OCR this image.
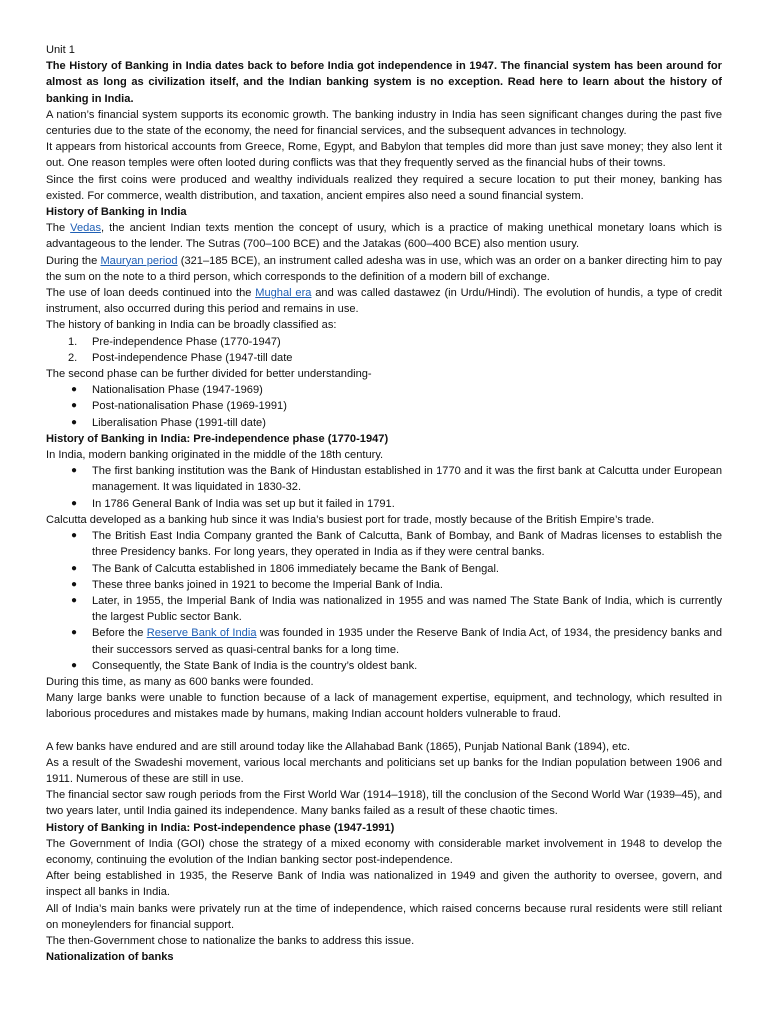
Unit 1

The History of Banking in India dates back to before India got independence in 1947. The financial system has been around for almost as long as civilization itself, and the Indian banking system is no exception. Read here to learn about the history of banking in India.

A nation’s financial system supports its economic growth. The banking industry in India has seen significant changes during the past five centuries due to the state of the economy, the need for financial services, and the subsequent advances in technology.

It appears from historical accounts from Greece, Rome, Egypt, and Babylon that temples did more than just save money; they also lent it out. One reason temples were often looted during conflicts was that they frequently served as the financial hubs of their towns.

Since the first coins were produced and wealthy individuals realized they required a secure location to put their money, banking has existed. For commerce, wealth distribution, and taxation, ancient empires also need a sound financial system.

History of Banking in India

The Vedas, the ancient Indian texts mention the concept of usury, which is a practice of making unethical monetary loans which is advantageous to the lender. The Sutras (700–100 BCE) and the Jatakas (600–400 BCE) also mention usury.

During the Mauryan period (321–185 BCE), an instrument called adesha was in use, which was an order on a banker directing him to pay the sum on the note to a third person, which corresponds to the definition of a modern bill of exchange.

The use of loan deeds continued into the Mughal era and was called dastawez (in Urdu/Hindi). The evolution of hundis, a type of credit instrument, also occurred during this period and remains in use.

The history of banking in India can be broadly classified as:

1. Pre-independence Phase (1770-1947)
2. Post-independence Phase (1947-till date

The second phase can be further divided for better understanding-

● Nationalisation Phase (1947-1969)
● Post-nationalisation Phase (1969-1991)
● Liberalisation Phase (1991-till date)

History of Banking in India: Pre-independence phase (1770-1947)

In India, modern banking originated in the middle of the 18th century.

● The first banking institution was the Bank of Hindustan established in 1770 and it was the first bank at Calcutta under European management. It was liquidated in 1830-32.
● In 1786 General Bank of India was set up but it failed in 1791.

Calcutta developed as a banking hub since it was India’s busiest port for trade, mostly because of the British Empire’s trade.

● The British East India Company granted the Bank of Calcutta, Bank of Bombay, and Bank of Madras licenses to establish the three Presidency banks. For long years, they operated in India as if they were central banks.
● The Bank of Calcutta established in 1806 immediately became the Bank of Bengal.
● These three banks joined in 1921 to become the Imperial Bank of India.
● Later, in 1955, the Imperial Bank of India was nationalized in 1955 and was named The State Bank of India, which is currently the largest Public sector Bank.
● Before the Reserve Bank of India was founded in 1935 under the Reserve Bank of India Act, of 1934, the presidency banks and their successors served as quasi-central banks for a long time.
● Consequently, the State Bank of India is the country’s oldest bank.

During this time, as many as 600 banks were founded.

Many large banks were unable to function because of a lack of management expertise, equipment, and technology, which resulted in laborious procedures and mistakes made by humans, making Indian account holders vulnerable to fraud.

A few banks have endured and are still around today like the Allahabad Bank (1865), Punjab National Bank (1894), etc.

As a result of the Swadeshi movement, various local merchants and politicians set up banks for the Indian population between 1906 and 1911. Numerous of these are still in use.

The financial sector saw rough periods from the First World War (1914–1918), till the conclusion of the Second World War (1939–45), and two years later, until India gained its independence. Many banks failed as a result of these chaotic times.

History of Banking in India: Post-independence phase (1947-1991)

The Government of India (GOI) chose the strategy of a mixed economy with considerable market involvement in 1948 to develop the economy, continuing the evolution of the Indian banking sector post-independence.

After being established in 1935, the Reserve Bank of India was nationalized in 1949 and given the authority to oversee, govern, and inspect all banks in India.

All of India’s main banks were privately run at the time of independence, which raised concerns because rural residents were still reliant on moneylenders for financial support.

The then-Government chose to nationalize the banks to address this issue.

Nationalization of banks
